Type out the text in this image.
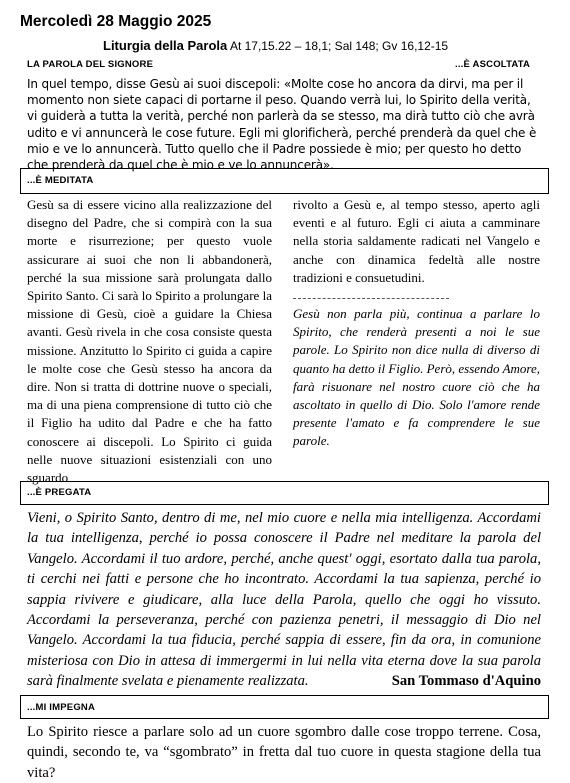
Mercoledì 28 Maggio 2025
Liturgia della Parola At 17,15.22 – 18,1; Sal 148; Gv 16,12-15
LA PAROLA DEL SIGNORE	...È ASCOLTATA
In quel tempo, disse Gesù ai suoi discepoli: «Molte cose ho ancora da dirvi, ma per il momento non siete capaci di portarne il peso. Quando verrà lui, lo Spirito della verità, vi guiderà a tutta la verità, perché non parlerà da se stesso, ma dirà tutto ciò che avrà udito e vi annuncerà le cose future. Egli mi glorificherà, perché prenderà da quel che è mio e ve lo annuncerà. Tutto quello che il Padre possiede è mio; per questo ho detto che prenderà da quel che è mio e ve lo annuncerà».
...È MEDITATA
Gesù sa di essere vicino alla realizzazione del disegno del Padre, che si compirà con la sua morte e risurrezione; per questo vuole assicurare ai suoi che non li abbandonerà, perché la sua missione sarà prolungata dallo Spirito Santo. Ci sarà lo Spirito a prolungare la missione di Gesù, cioè a guidare la Chiesa avanti. Gesù rivela in che cosa consiste questa missione. Anzitutto lo Spirito ci guida a capire le molte cose che Gesù stesso ha ancora da dire. Non si tratta di dottrine nuove o speciali, ma di una piena comprensione di tutto ciò che il Figlio ha udito dal Padre e che ha fatto conoscere ai discepoli. Lo Spirito ci guida nelle nuove situazioni esistenziali con uno sguardo
rivolto a Gesù e, al tempo stesso, aperto agli eventi e al futuro. Egli ci aiuta a camminare nella storia saldamente radicati nel Vangelo e anche con dinamica fedeltà alle nostre tradizioni e consuetudini.
Gesù non parla più, continua a parlare lo Spirito, che renderà presenti a noi le sue parole. Lo Spirito non dice nulla di diverso di quanto ha detto il Figlio. Però, essendo Amore, farà risuonare nel nostro cuore ciò che ha ascoltato in quello di Dio. Solo l'amore rende presente l'amato e fa comprendere le sue parole.
...È PREGATA
Vieni, o Spirito Santo, dentro di me, nel mio cuore e nella mia intelligenza. Accordami la tua intelligenza, perché io possa conoscere il Padre nel meditare la parola del Vangelo. Accordami il tuo ardore, perché, anche quest' oggi, esortato dalla tua parola, ti cerchi nei fatti e persone che ho incontrato. Accordami la tua sapienza, perché io sappia rivivere e giudicare, alla luce della Parola, quello che oggi ho vissuto. Accordami la perseveranza, perché con pazienza penetri, il messaggio di Dio nel Vangelo. Accordami la tua fiducia, perché sappia di essere, fin da ora, in comunione misteriosa con Dio in attesa di immergermi in lui nella vita eterna dove la sua parola sarà finalmente svelata e pienamente realizzata.	San Tommaso d'Aquino
...MI IMPEGNA
Lo Spirito riesce a parlare solo ad un cuore sgombro dalle cose troppo terrene. Cosa, quindi, secondo te, va “sgombrato” in fretta dal tuo cuore in questa stagione della tua vita?
